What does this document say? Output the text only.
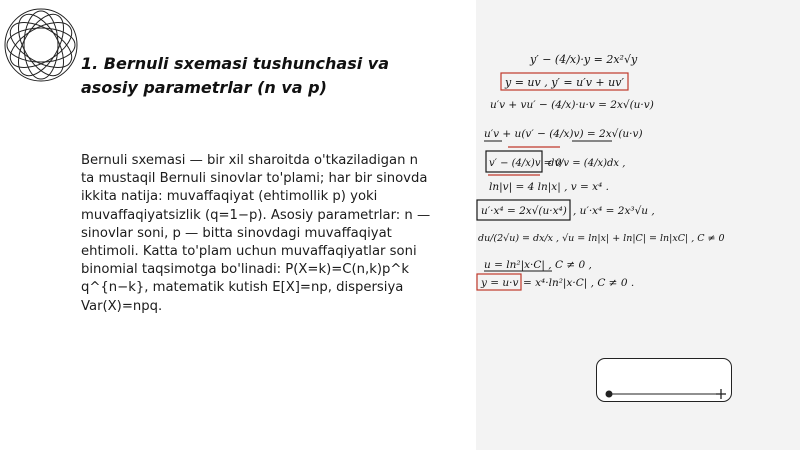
1. Bernuli sxemasi tushunchasi va asosiy parametrlar (n va p)
Bernuli sxemasi — bir xil sharoitda o'tkaziladigan n ta mustaqil Bernuli sinovlar to'plami; har bir sinovda ikkita natija: muvaffaqiyat (ehtimollik p) yoki muvaffaqiyatsizlik (q=1−p). Asosiy parametrlar: n — sinovlar soni, p — bitta sinovdagi muvaffaqiyat ehtimoli. Katta to'plam uchun muvaffaqiyatlar soni binomial taqsimotga bo'linadi: P(X=k)=C(n,k)p^k q^{n−k}, matematik kutish E[X]=np, dispersiya Var(X)=npq.
y′ − (4/x)·y = 2x²√y
y = uv , y′ = u′v + uv′
u′v + vu′ − (4/x)·u·v = 2x√(u·v)
u′v + u(v′ − (4/x)v) = 2x√(u·v)
v′ − (4/x)v = 0
dv/v = (4/x)dx ,
ln|v| = 4 ln|x| , v = x⁴ .
u′·x⁴ = 2x√(u·x⁴) , u′·x⁴ = 2x³√u ,
du/(2√u) = dx/x , √u = ln|x| + ln|C| = ln|xC| , C ≠ 0
u = ln²|x·C| , C ≠ 0 ,
y = u·v = x⁴·ln²|x·C| , C ≠ 0 .
